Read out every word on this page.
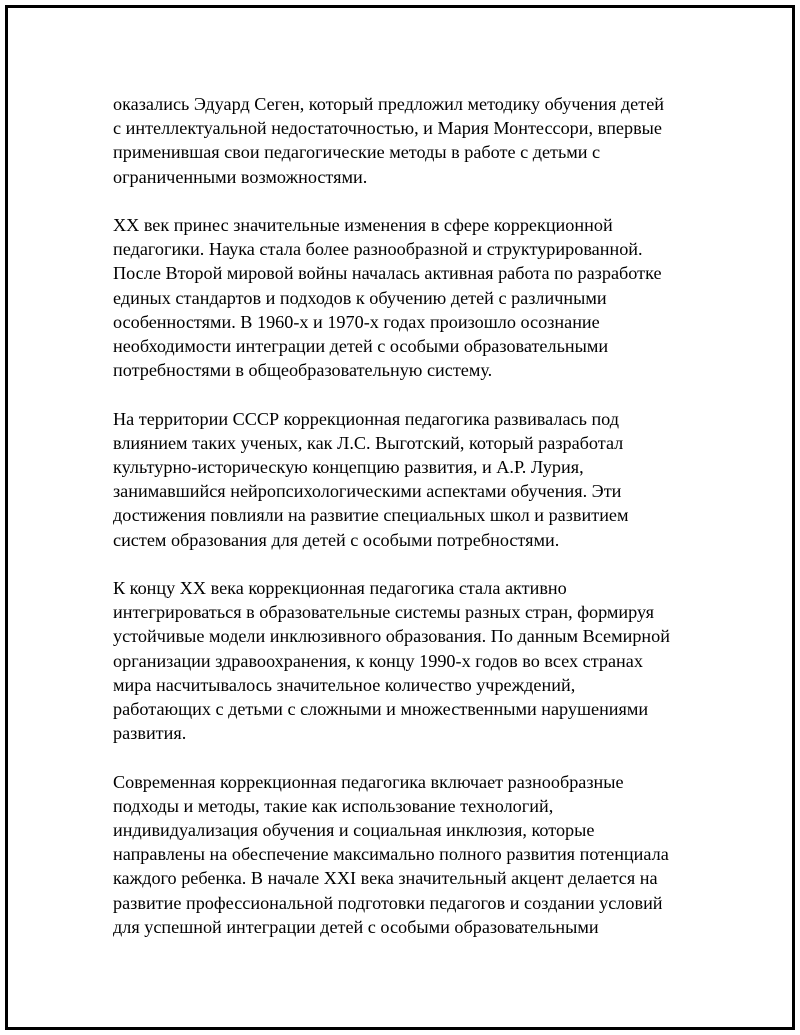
оказались Эдуард Сеген, который предложил методику обучения детей
с интеллектуальной недостаточностью, и Мария Монтессори, впервые
применившая свои педагогические методы в работе с детьми с
ограниченными возможностями.

XX век принес значительные изменения в сфере коррекционной
педагогики. Наука стала более разнообразной и структурированной.
После Второй мировой войны началась активная работа по разработке
единых стандартов и подходов к обучению детей с различными
особенностями. В 1960-х и 1970-х годах произошло осознание
необходимости интеграции детей с особыми образовательными
потребностями в общеобразовательную систему.

На территории СССР коррекционная педагогика развивалась под
влиянием таких ученых, как Л.С. Выготский, который разработал
культурно-историческую концепцию развития, и А.Р. Лурия,
занимавшийся нейропсихологическими аспектами обучения. Эти
достижения повлияли на развитие специальных школ и развитием
систем образования для детей с особыми потребностями.

К концу XX века коррекционная педагогика стала активно
интегрироваться в образовательные системы разных стран, формируя
устойчивые модели инклюзивного образования. По данным Всемирной
организации здравоохранения, к концу 1990-х годов во всех странах
мира насчитывалось значительное количество учреждений,
работающих с детьми с сложными и множественными нарушениями
развития.

Современная коррекционная педагогика включает разнообразные
подходы и методы, такие как использование технологий,
индивидуализация обучения и социальная инклюзия, которые
направлены на обеспечение максимально полного развития потенциала
каждого ребенка. В начале XXI века значительный акцент делается на
развитие профессиональной подготовки педагогов и создании условий
для успешной интеграции детей с особыми образовательными
